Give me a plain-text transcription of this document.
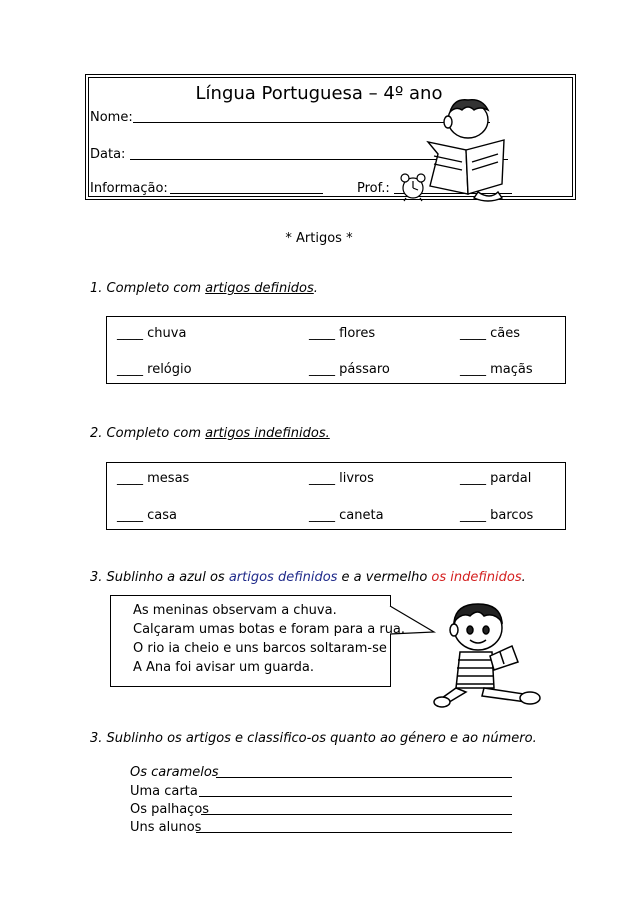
Língua Portuguesa – 4º ano
Nome:
Data:
Informação:	Prof.:
* Artigos *
1. Completo com artigos definidos.
____ chuva	____ flores	____ cães
____ relógio	____ pássaro	____ maçãs
2. Completo com artigos indefinidos.
____ mesas	____ livros	____ pardal
____ casa	____ caneta	____ barcos
3. Sublinho a azul os artigos definidos e a vermelho os indefinidos.
As meninas observam a chuva.
Calçaram umas botas e foram para a rua.
O rio ia cheio e uns barcos soltaram-se
A Ana foi avisar um guarda.
3. Sublinho os artigos e classifico-os quanto ao género e ao número.
Os caramelos
Uma carta
Os palhaços
Uns alunos
